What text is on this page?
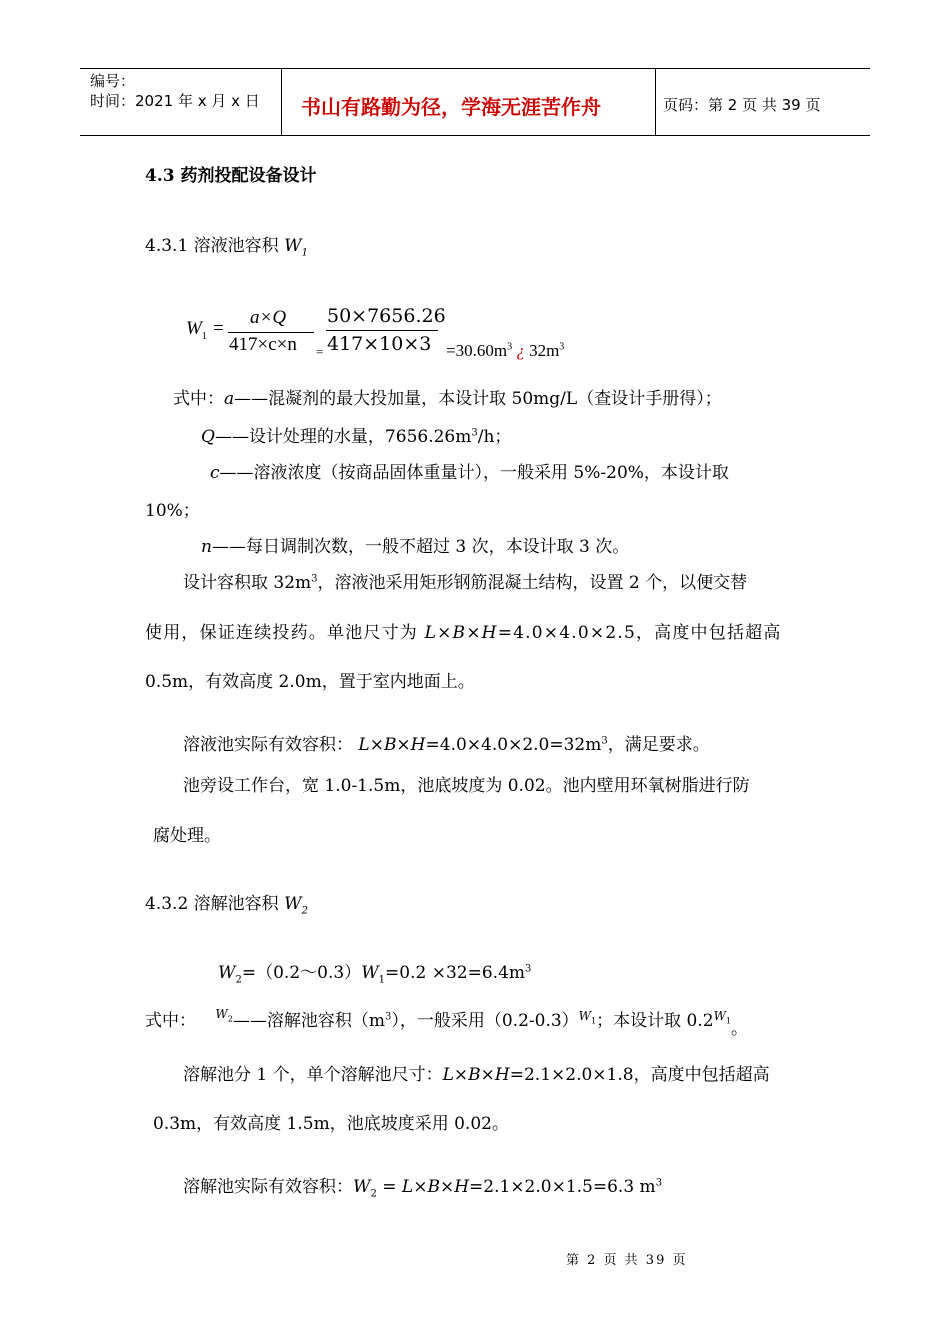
编号：
时间：2021 年 x 月 x 日 书山有路勤为径，学海无涯苦作舟	页码：第 2 页 共 39 页
4.3 药剂投配设备设计
4.3.1 溶液池容积 $W_1$
$W_1$ =
a×Q
417×c×n
50×7656.26
= $417\times 10\times 3 =30.60m^3$ ¿ $32m^3$
式中：a——混凝剂的最大投加量，本设计取 50mg/L（查设计手册得）；
Q——设计处理的水量，$7656.26m^3/h$；
c——溶液浓度（按商品固体重量计），一般采用 5%-20%，本设计取
10%；
n——每日调制次数，一般不超过 3 次，本设计取 3 次。
设计容积取 $32m^3$，溶液池采用矩形钢筋混凝土结构，设置 2 个，以便交替
使用，保证连续投药。单池尺寸为 L×B×H=4.0×4.0×2.5，高度中包括超高
0.5m，有效高度 2.0m，置于室内地面上。
溶液池实际有效容积： $L\times B\times H=4.0\times 4.0\times 2.0=32m^3$，满足要求。
池旁设工作台，宽 1.0-1.5m，池底坡度为 0.02。池内壁用环氧树脂进行防
腐处理。
4.3.2 溶解池容积 $W_2$
$W_2=(0.2\sim 0.3)W_1=0.2 \times 32=6.4m^3$
式中： $^{W_2}$——溶解池容积$(m^3)$，一般采用$(0.2-0.3)^{W_1}$；本设计取 $0.2^{W_1}$。
溶解池分 1 个，单个溶解池尺寸：L×B×H=2.1×2.0×1.8，高度中包括超高
0.3m，有效高度 1.5m，池底坡度采用 0.02。
溶解池实际有效容积：$W_2 = L\times B\times H=2.1\times 2.0\times 1.5=6.3$ $m^3$
第 2 页 共 39 页
